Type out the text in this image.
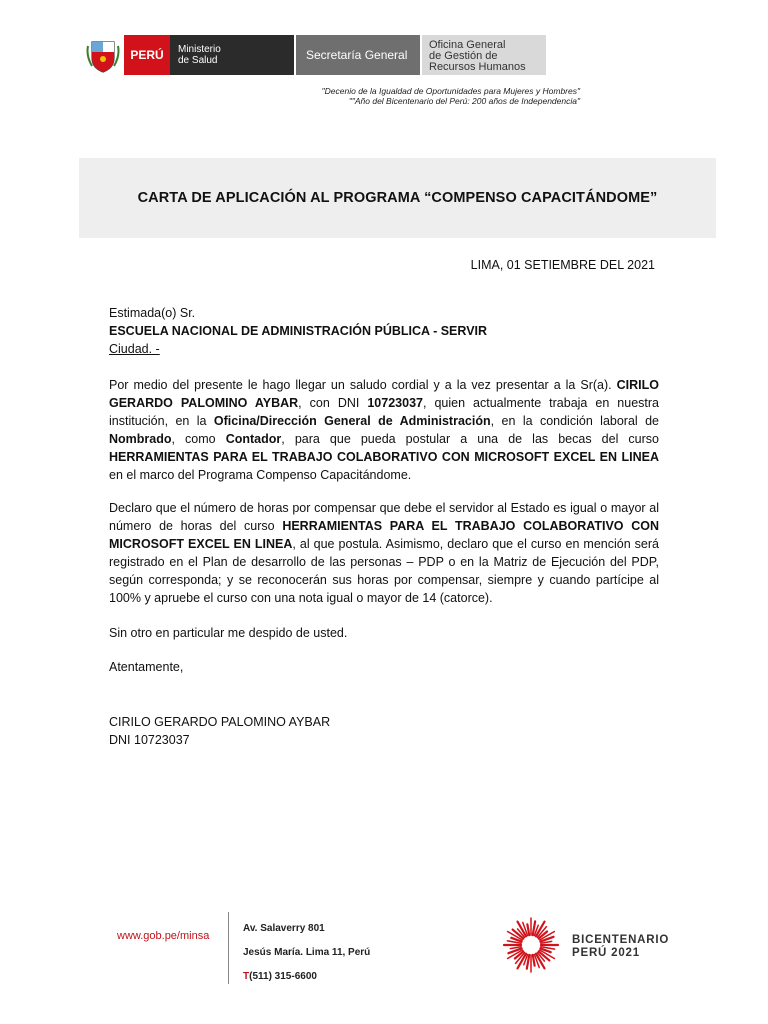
PERÚ	Ministerio
de Salud	Secretaría General
Oficina General
de Gestión de
Recursos Humanos
"Decenio de la Igualdad de Oportunidades para Mujeres y Hombres"
""Año del Bicentenario del Perú: 200 años de Independencia"
CARTA DE APLICACIÓN AL PROGRAMA “COMPENSO CAPACITÁNDOME”
LIMA, 01 SETIEMBRE DEL 2021
Estimada(o) Sr.
ESCUELA NACIONAL DE ADMINISTRACIÓN PÚBLICA - SERVIR
Ciudad. -
Por medio del presente le hago llegar un saludo cordial y a la vez presentar a la Sr(a). CIRILO GERARDO PALOMINO AYBAR, con DNI 10723037, quien actualmente trabaja en nuestra institución, en la Oficina/Dirección General de Administración, en la condición laboral de Nombrado, como Contador, para que pueda postular a una de las becas del curso HERRAMIENTAS PARA EL TRABAJO COLABORATIVO CON MICROSOFT EXCEL EN LINEA en el marco del Programa Compenso Capacitándome.
Declaro que el número de horas por compensar que debe el servidor al Estado es igual o mayor al número de horas del curso HERRAMIENTAS PARA EL TRABAJO COLABORATIVO CON MICROSOFT EXCEL EN LINEA, al que postula. Asimismo, declaro que el curso en mención será registrado en el Plan de desarrollo de las personas – PDP o en la Matriz de Ejecución del PDP, según corresponda; y se reconocerán sus horas por compensar, siempre y cuando partícipe al 100% y apruebe el curso con una nota igual o mayor de 14 (catorce).
Sin otro en particular me despido de usted.
Atentamente,
CIRILO GERARDO PALOMINO AYBAR
DNI 10723037
www.gob.pe/minsa
Av. Salaverry 801
Jesús María. Lima 11, Perú
T(511) 315-6600
BICENTENARIO
PERÚ 2021
